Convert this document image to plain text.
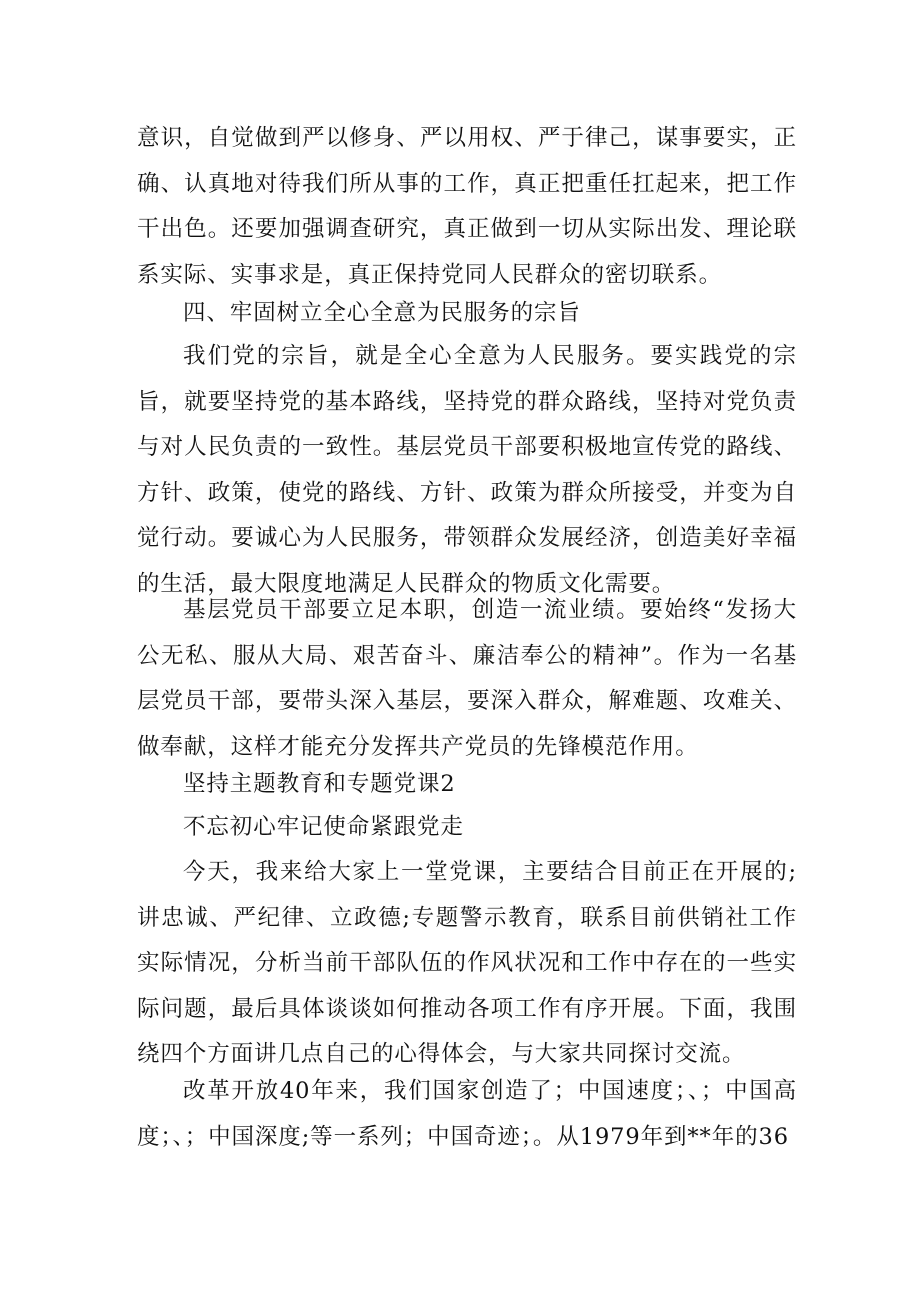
意识，自觉做到严以修身、严以用权、严于律己，谋事要实，正确、认真地对待我们所从事的工作，真正把重任扛起来，把工作干出色。还要加强调查研究，真正做到一切从实际出发、理论联系实际、实事求是，真正保持党同人民群众的密切联系。

四、牢固树立全心全意为民服务的宗旨

我们党的宗旨，就是全心全意为人民服务。要实践党的宗旨，就要坚持党的基本路线，坚持党的群众路线，坚持对党负责与对人民负责的一致性。基层党员干部要积极地宣传党的路线、方针、政策，使党的路线、方针、政策为群众所接受，并变为自觉行动。要诚心为人民服务，带领群众发展经济，创造美好幸福的生活，最大限度地满足人民群众的物质文化需要。

基层党员干部要立足本职，创造一流业绩。要始终“发扬大公无私、服从大局、艰苦奋斗、廉洁奉公的精神”。作为一名基层党员干部，要带头深入基层，要深入群众，解难题、攻难关、做奉献，这样才能充分发挥共产党员的先锋模范作用。

坚持主题教育和专题党课2

不忘初心牢记使命紧跟党走

今天，我来给大家上一堂党课，主要结合目前正在开展的;讲忠诚、严纪律、立政德;专题警示教育，联系目前供销社工作实际情况，分析当前干部队伍的作风状况和工作中存在的一些实际问题，最后具体谈谈如何推动各项工作有序开展。下面，我围绕四个方面讲几点自己的心得体会，与大家共同探讨交流。

改革开放40年来，我们国家创造了；中国速度；、；中国高度；、；中国深度;等一系列；中国奇迹；。从1979年到**年的36
